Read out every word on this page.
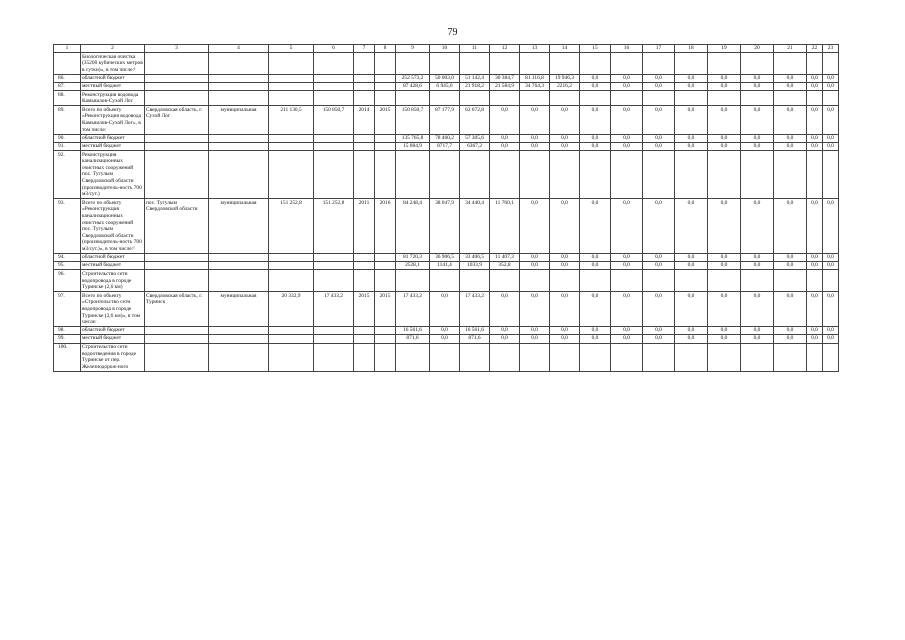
79
1	2	3	4	5	6	7	8	9	10	11	12	13	14	15	16	17	18	19	20	21	22	23
	Биологическая очистка (35200 кубических метров в сутки)», в том числе:¹																					
86.	областной бюджет							252 573,2	50 003,0	51 142,4	30 384,7	81 116,8	19 946,3	0,0	0,0	0,0	0,0	0,0	0,0	0,0	0,0	0,0
87.	местный бюджет							87 428,6	6 945,0	21 918,2	21 584,9	34 764,3	2216,2	0,0	0,0	0,0	0,0	0,0	0,0	0,0	0,0	0,0
88.	Реконструкция водовода Камышлов-Сухой Лог																					
89.	Всего по объекту «Реконструкция водовода Камышлов-Сухой Лог», в том числе:	Свердловская область, г. Сухой Лог	муниципальная	211 130,5	150 850,7	2014	2015	150 850,7	87 177,9	63 672,8	0,0	0,0	0,0	0,0	0,0	0,0	0,0	0,0	0,0	0,0	0,0	0,0
90.	областной бюджет							135 765,8	78 460,2	57 305,6	0,0	0,0	0,0	0,0	0,0	0,0	0,0	0,0	0,0	0,0	0,0	0,0
91.	местный бюджет							15 084,9	8717,7	6367,2	0,0	0,0	0,0	0,0	0,0	0,0	0,0	0,0	0,0	0,0	0,0	0,0
92.	Реконструкция канализационных очистных сооружений пос. Тугулым Свердловской области (производитель-ность 700 м3/сут.)																					
93.	Всего по объекту «Реконструкция канализационных очистных сооружений пос. Тугулым Свердловской области (производитель-ность 700 м3/сут.)», в том числе:¹	пос. Тугулым Свердловской области	муниципальная	151 252,8	151 252,8	2011	2016	84 248,4	38 047,9	34 440,4	11 760,1	0,0	0,0	0,0	0,0	0,0	0,0	0,0	0,0	0,0	0,0	0,0
94.	областной бюджет							81 720,3	36 906,5	33 406,5	11 407,3	0,0	0,0	0,0	0,0	0,0	0,0	0,0	0,0	0,0	0,0	0,0
95.	местный бюджет							2528,1	1141,4	1033,9	352,8	0,0	0,0	0,0	0,0	0,0	0,0	0,0	0,0	0,0	0,0	0,0
96.	Строительство сети водопровода в городе Туринске (2,6 км)																					
97.	Всего по объекту «Строительство сети водопровода в городе Туринске (2,6 км)», в том числе:	Свердловская область, г. Туринск	муниципальная	20 332,9	17 433,2	2015	2015	17 433,2	0,0	17 433,2	0,0	0,0	0,0	0,0	0,0	0,0	0,0	0,0	0,0	0,0	0,0	0,0
98.	областной бюджет							16 561,6	0,0	16 561,6	0,0	0,0	0,0	0,0	0,0	0,0	0,0	0,0	0,0	0,0	0,0	0,0
99.	местный бюджет							871,6	0,0	871,6	0,0	0,0	0,0	0,0	0,0	0,0	0,0	0,0	0,0	0,0	0,0	0,0
100.	Строительство сети водоотведения в городе Туринске от пер. Железнодорож-ного																					
